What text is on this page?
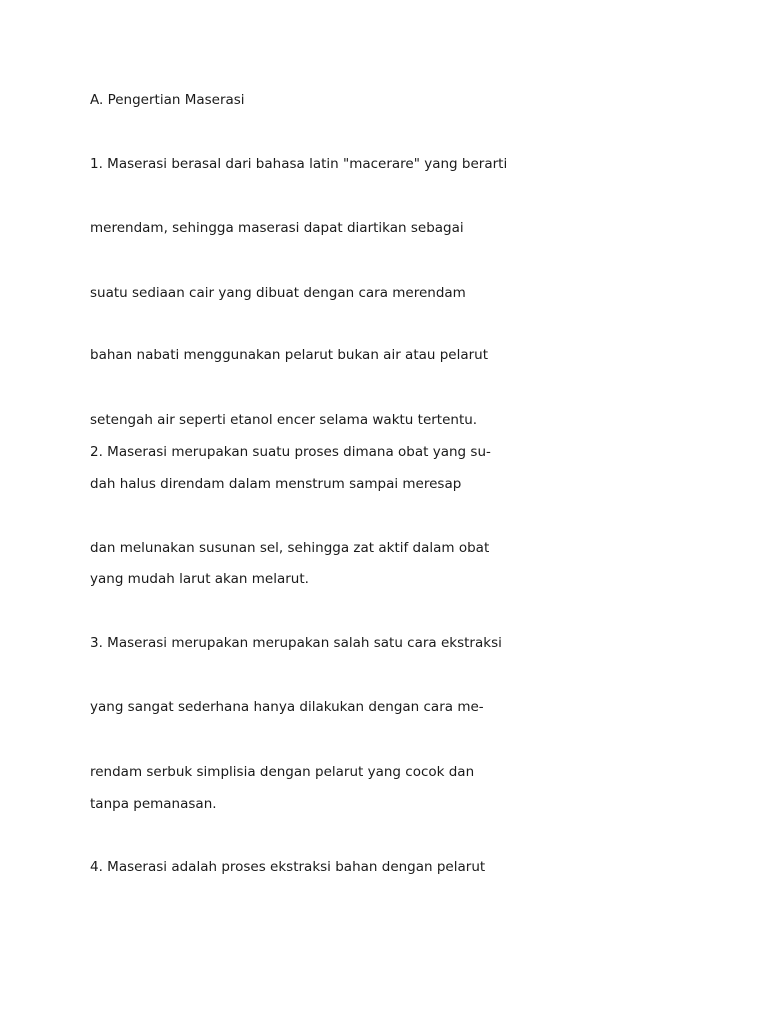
A. Pengertian Maserasi

1. Maserasi berasal dari bahasa latin "macerare" yang berarti

merendam, sehingga maserasi dapat diartikan sebagai

suatu sediaan cair yang dibuat dengan cara merendam

bahan nabati menggunakan pelarut bukan air atau pelarut

setengah air seperti etanol encer selama waktu tertentu.

2. Maserasi merupakan suatu proses dimana obat yang su-

dah halus direndam dalam menstrum sampai meresap

dan melunakan susunan sel, sehingga zat aktif dalam obat

yang mudah larut akan melarut.

3. Maserasi merupakan merupakan salah satu cara ekstraksi

yang sangat sederhana hanya dilakukan dengan cara me-

rendam serbuk simplisia dengan pelarut yang cocok dan

tanpa pemanasan.

4. Maserasi adalah proses ekstraksi bahan dengan pelarut
